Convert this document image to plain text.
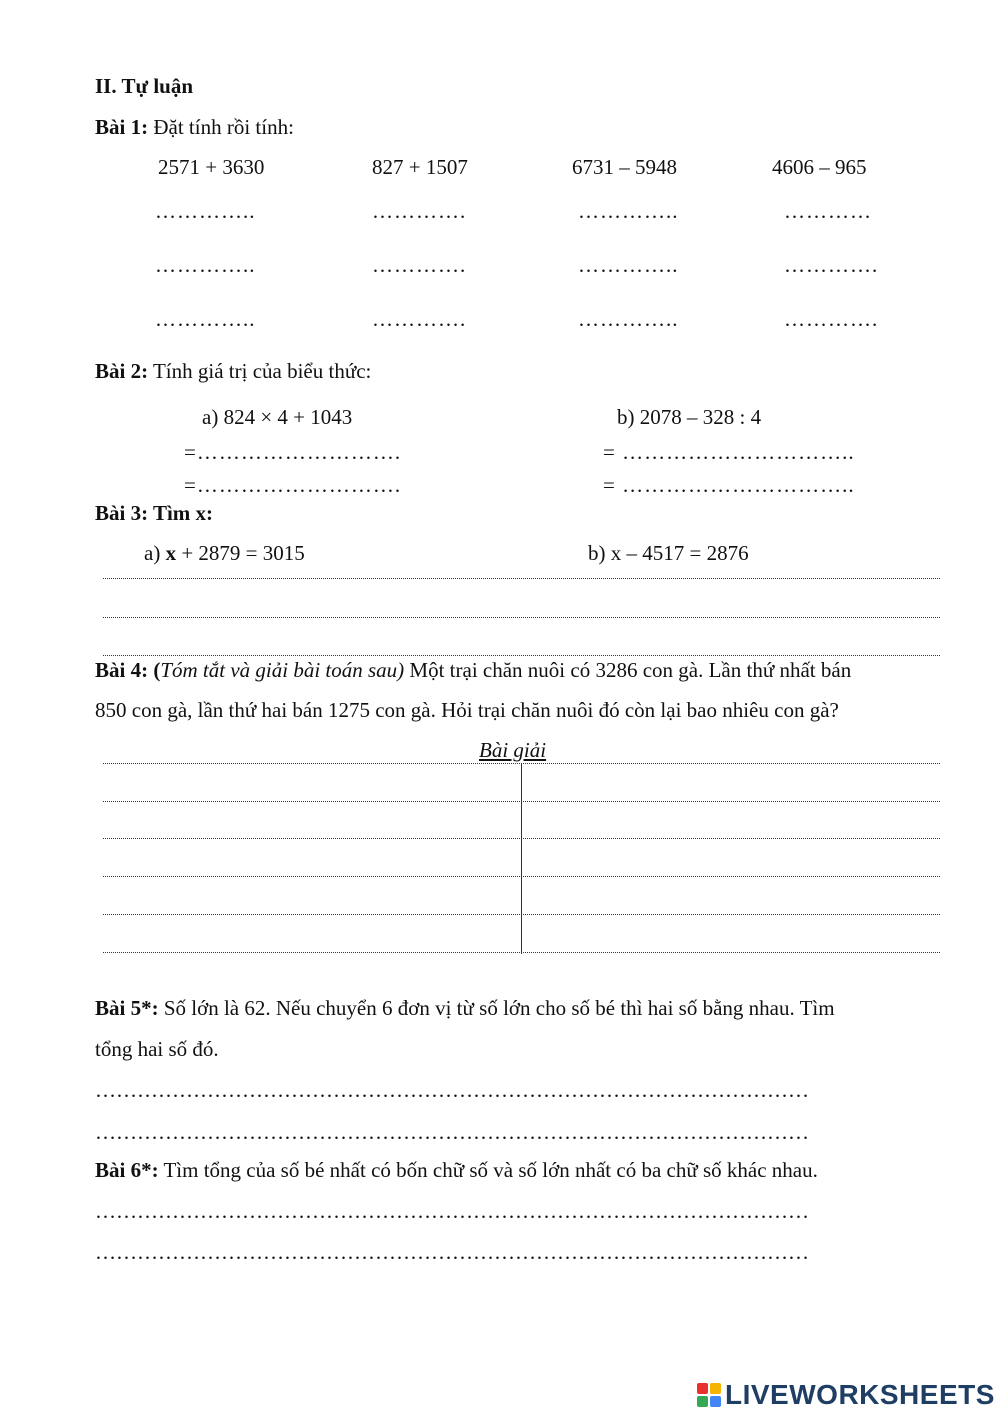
II. Tự luận
Bài 1: Đặt tính rồi tính:
2571 + 3630	827 + 1507	6731 – 5948	4606 – 965
…………..	………….	…………..	…………
…………..	………….	…………..	………….
…………..	………….	…………..	………….
Bài 2: Tính giá trị của biểu thức:
a) 824 × 4 + 1043	b) 2078 – 328 : 4
=……………………….	= …………………………..
=……………………….	= …………………………..
Bài 3: Tìm x:
a) x + 2879 = 3015	b) x – 4517 = 2876
Bài 4: (Tóm tắt và giải bài toán sau) Một trại chăn nuôi có 3286 con gà. Lần thứ nhất bán
850 con gà, lần thứ hai bán 1275 con gà. Hỏi trại chăn nuôi đó còn lại bao nhiêu con gà?
Bài giải
Bài 5*: Số lớn là 62. Nếu chuyển 6 đơn vị từ số lớn cho số bé thì hai số bằng nhau. Tìm
tổng hai số đó.
…………………………………………………………………………………………
…………………………………………………………………………………………
Bài 6*: Tìm tổng của số bé nhất có bốn chữ số và số lớn nhất có ba chữ số khác nhau.
…………………………………………………………………………………………
…………………………………………………………………………………………
LIVEWORKSHEETS
